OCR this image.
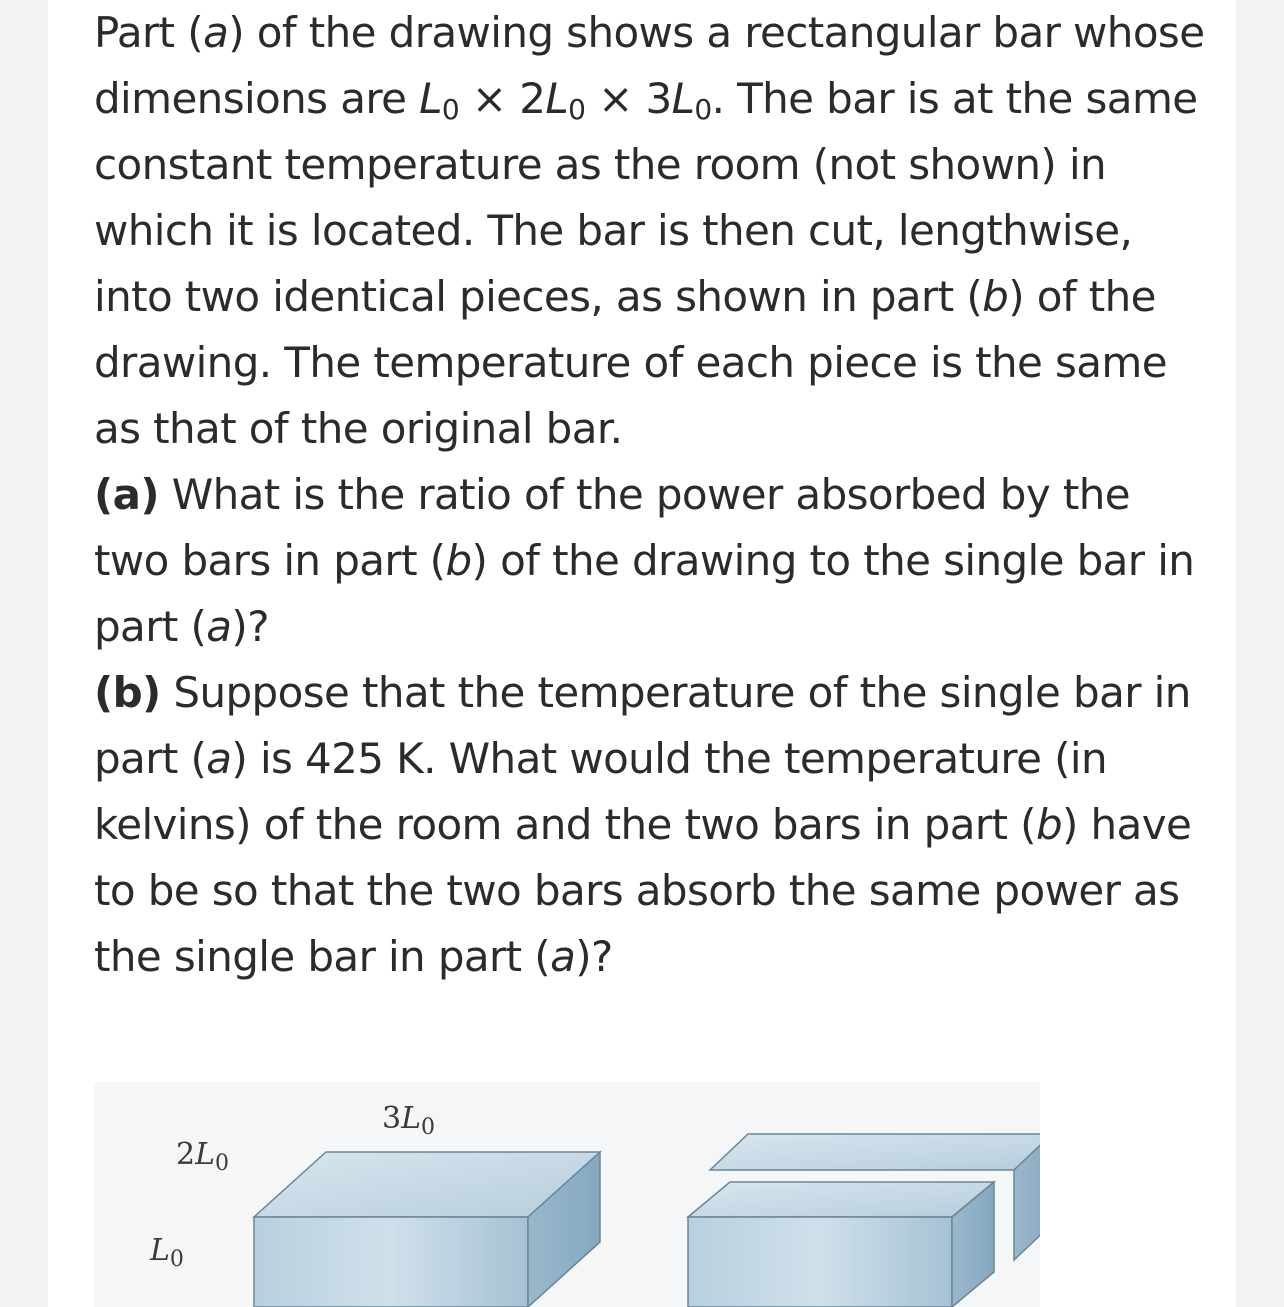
Part (a) of the drawing shows a rectangular bar whose dimensions are $L_0 \times 2L_0 \times 3L_0$. The bar is at the same constant temperature as the room (not shown) in which it is located. The bar is then cut, lengthwise, into two identical pieces, as shown in part (b) of the drawing. The temperature of each piece is the same as that of the original bar.

(a) What is the ratio of the power absorbed by the two bars in part (b) of the drawing to the single bar in part (a)?

(b) Suppose that the temperature of the single bar in part (a) is 425 K. What would the temperature (in kelvins) of the room and the two bars in part (b) have to be so that the two bars absorb the same power as the single bar in part (a)?

$3L_0$
$2L_0$
$L_0$
